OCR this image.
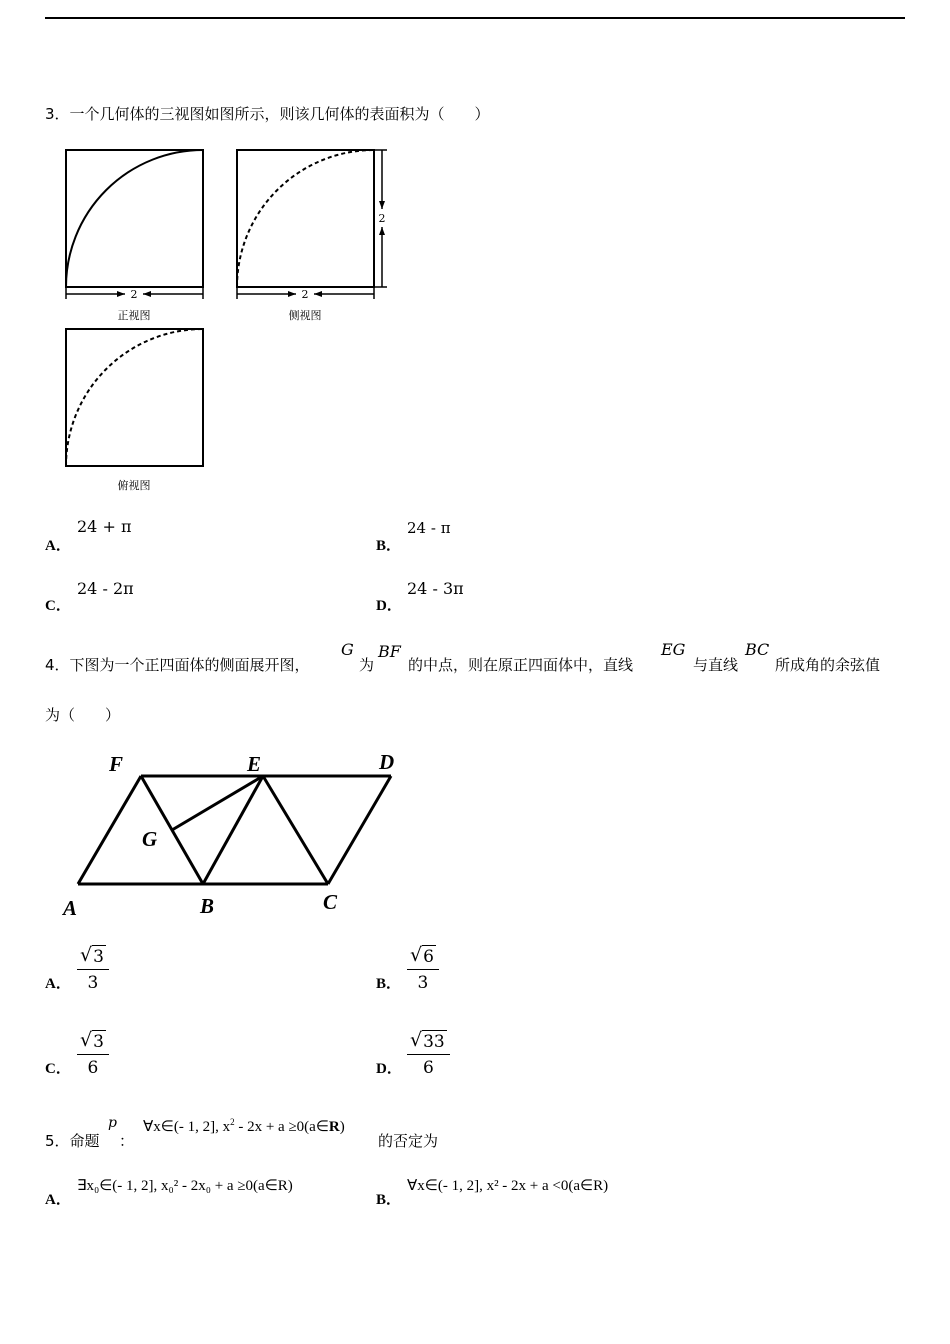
3．一个几何体的三视图如图所示，则该几何体的表面积为（　　）
2
正视图
2
侧视图
2
俯视图
A．
24 + π
B．
24 - π
C．
24 - 2π
D．
24 - 3π
4．下图为一个正四面体的侧面展开图，
G
为
BF
的中点，则在原正四面体中，直线
EG
与直线
BC
所成角的余弦值
为（　　）
F	E	D
G
A	B	C
A． $\frac{√ 3}{3}$	B． $\frac{√ 6}{3}$
C． $\frac{√ 3}{6}$	D． $\frac{√ 33}{6}$
5．命题
p
：
∀x∈(- 1, 2], $x^2 - 2x + a$ ≥0(a∈R)
的否定为
A．
∃x₀∈(- 1, 2], x₀² - 2x₀ + a ≥0(a∈R)
B．
∀x∈(- 1, 2], x² - 2x + a <0(a∈R)
